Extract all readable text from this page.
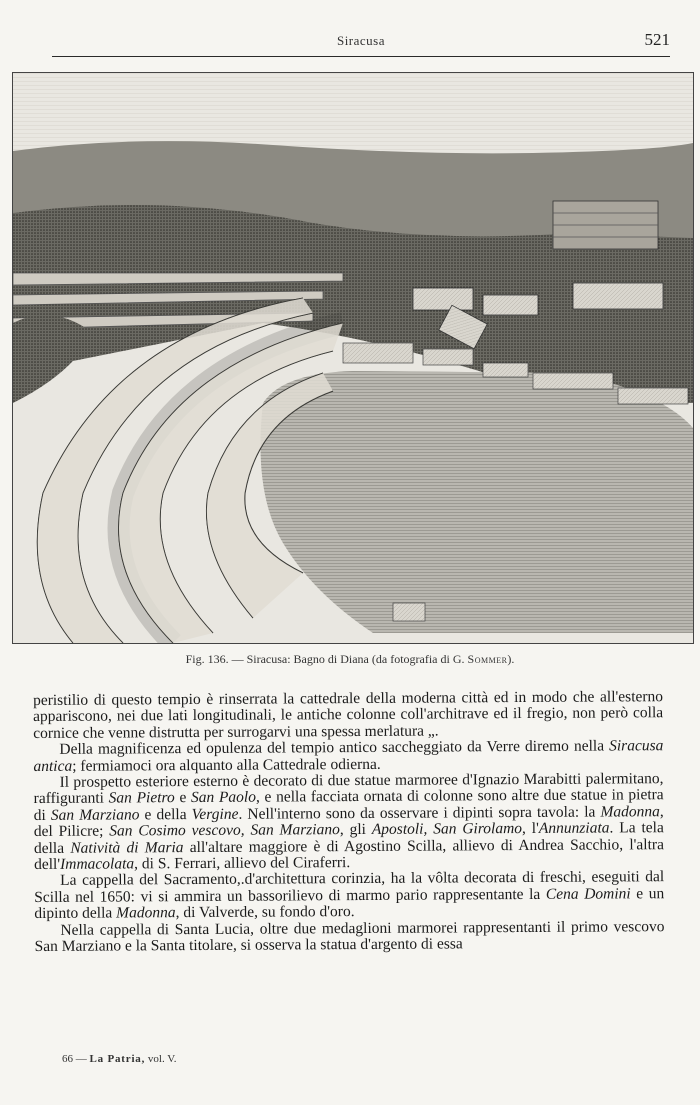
Siracusa	521
Fig. 136. — Siracusa: Bagno di Diana (da fotografia di G. Sommer).

peristilio di questo tempio è rinserrata la cattedrale della moderna città ed in modo che all'esterno appariscono, nei due lati longitudinali, le antiche colonne coll'architrave ed il fregio, non però colla cornice che venne distrutta per surrogarvi una spessa merlatura „.

Della magnificenza ed opulenza del tempio antico saccheggiato da Verre diremo nella Siracusa antica; fermiamoci ora alquanto alla Cattedrale odierna.

Il prospetto esteriore esterno è decorato di due statue marmoree d'Ignazio Marabitti palermitano, raffiguranti San Pietro e San Paolo, e nella facciata ornata di colonne sono altre due statue in pietra di San Marziano e della Vergine. Nell'interno sono da osservare i dipinti sopra tavola: la Madonna, del Pilicre; San Cosimo vescovo, San Marziano, gli Apostoli, San Girolamo, l'Annunziata. La tela della Natività di Maria all'altare maggiore è di Agostino Scilla, allievo di Andrea Sacchio, l'altra dell'Immacolata, di S. Ferrari, allievo del Ciraferri.

La cappella del Sacramento,.d'architettura corinzia, ha la vôlta decorata di freschi, eseguiti dal Scilla nel 1650: vi si ammira un bassorilievo di marmo pario rappresentante la Cena Domini e un dipinto della Madonna, di Valverde, su fondo d'oro.

Nella cappella di Santa Lucia, oltre due medaglioni marmorei rappresentanti il primo vescovo San Marziano e la Santa titolare, si osserva la statua d'argento di essa

66 — La Patria, vol. V.
